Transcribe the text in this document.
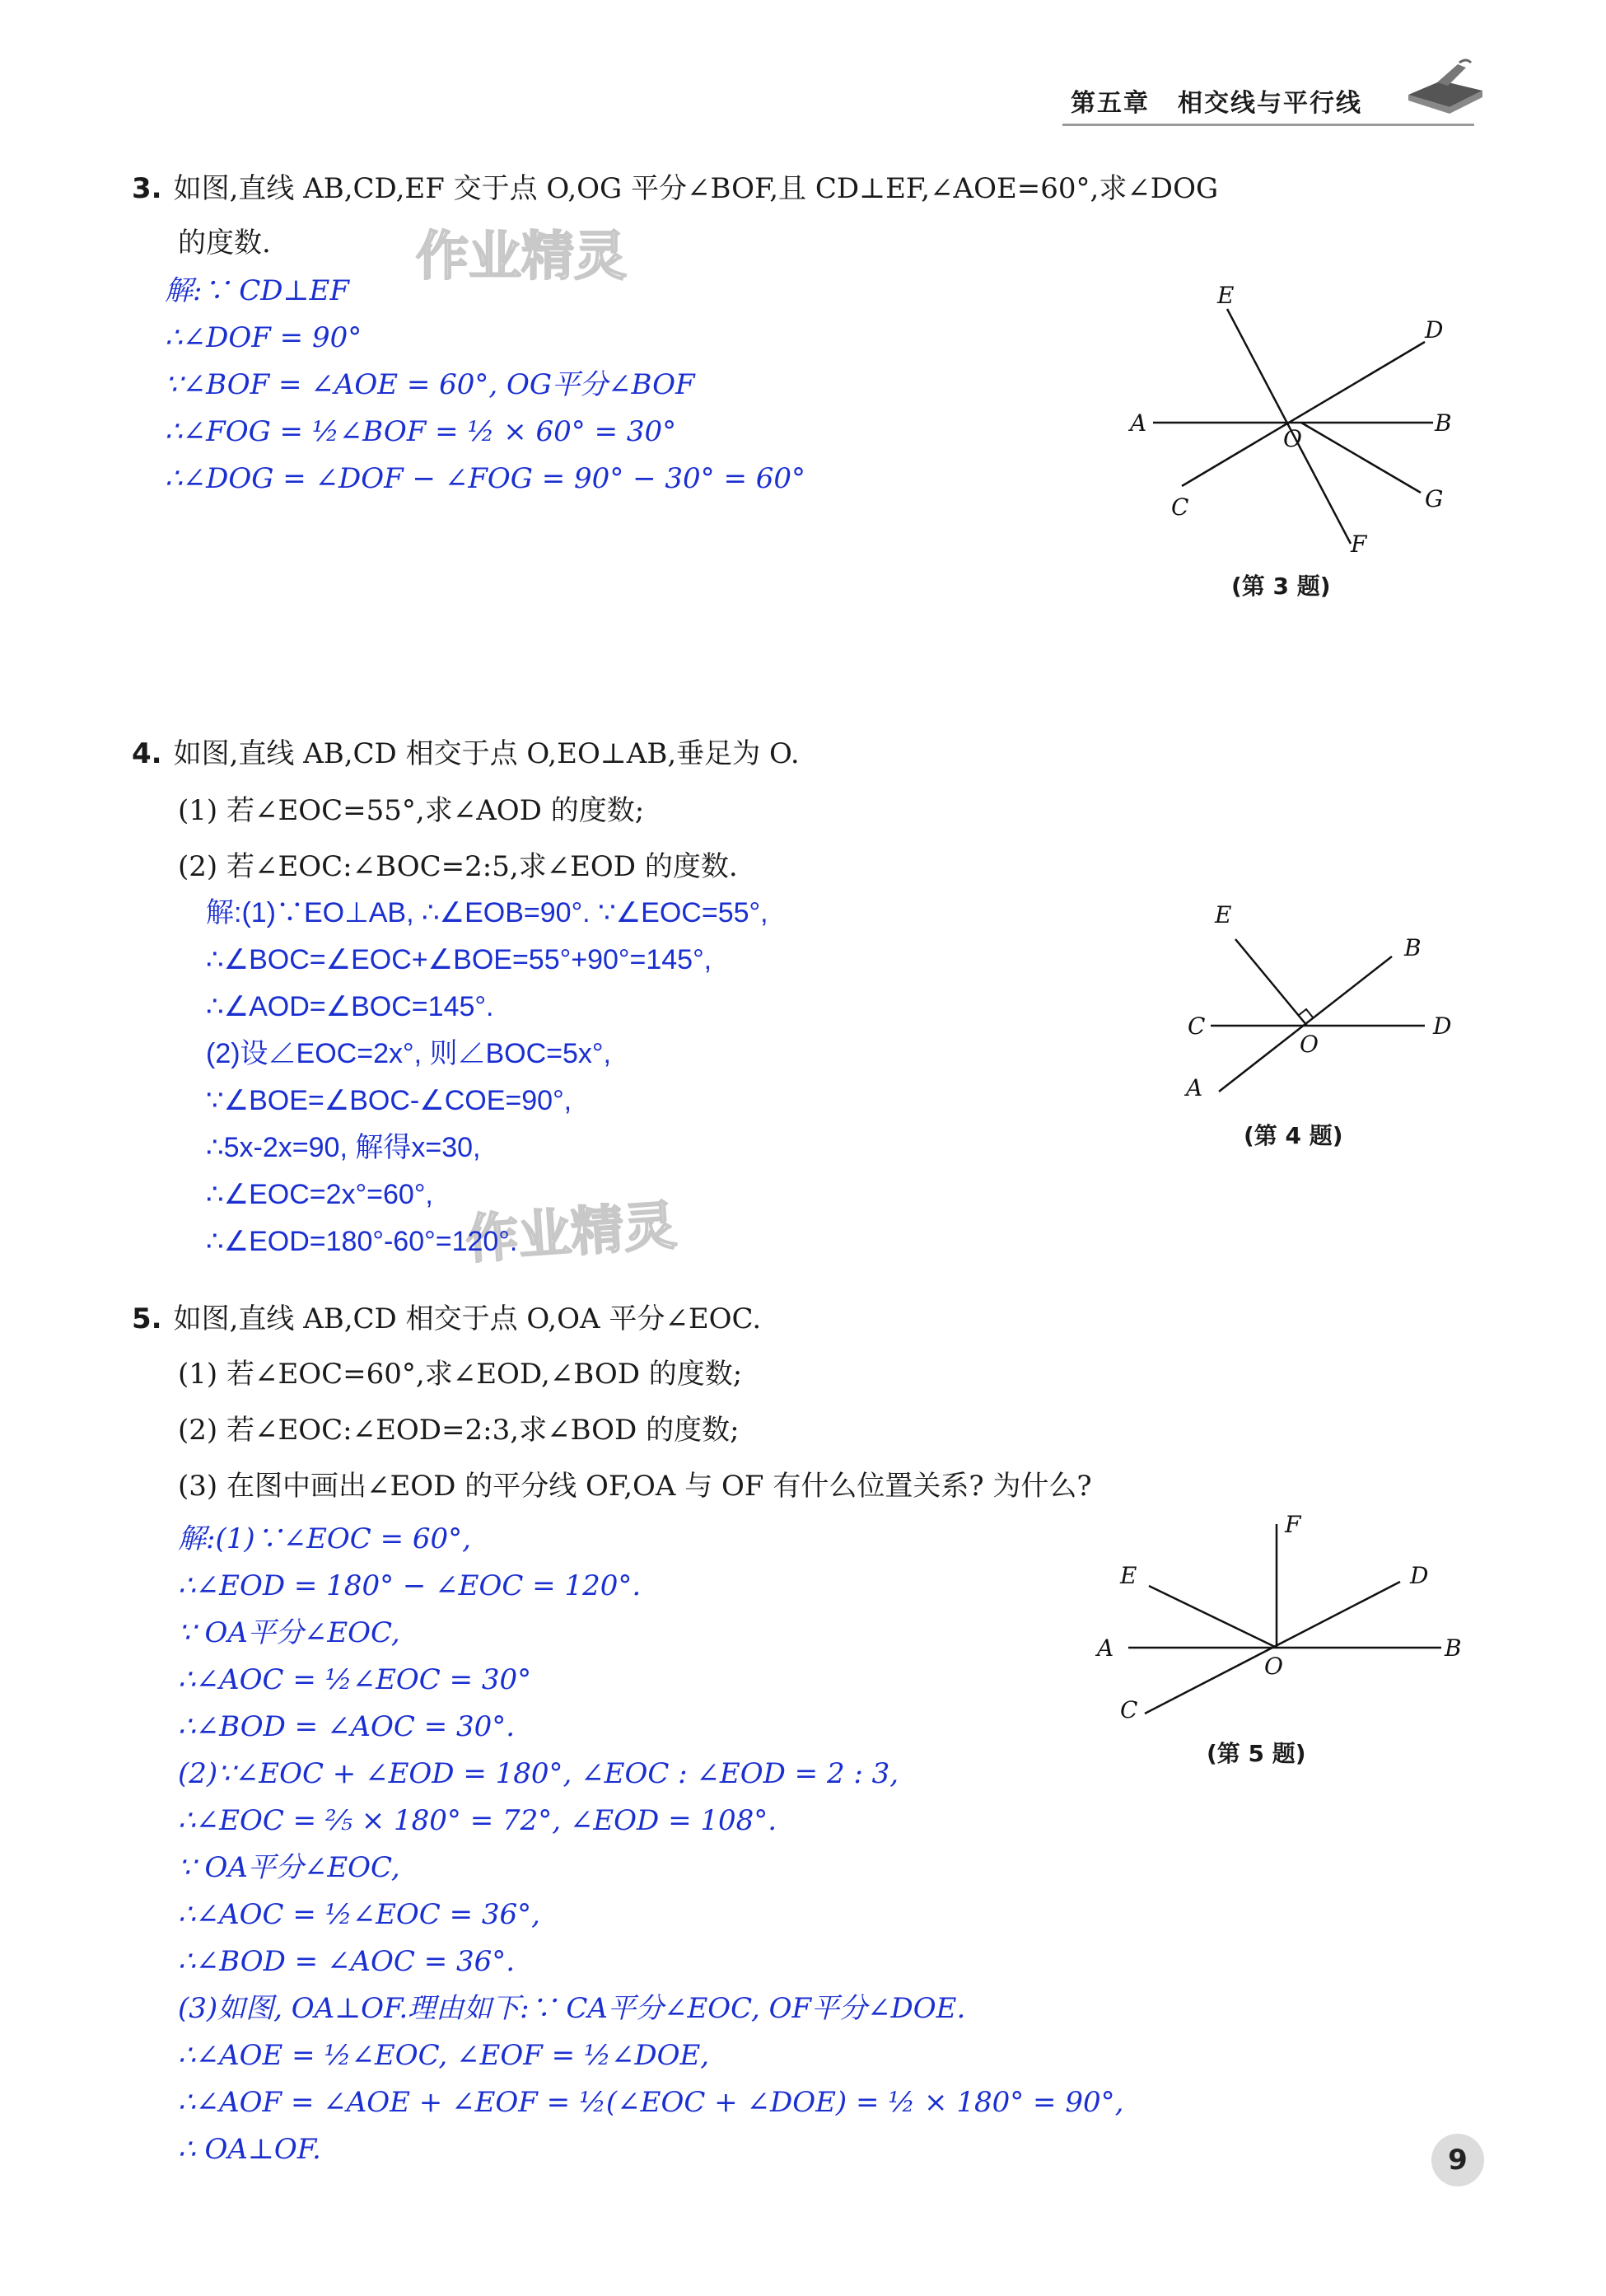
第五章 相交线与平行线
作业精灵
作业精灵
3. 如图,直线 AB,CD,EF 交于点 O,OG 平分∠BOF,且 CD⊥EF,∠AOE=60°,求∠DOG
的度数.
解:∵ CD⊥EF
∴∠DOF = 90°
∵∠BOF = ∠AOE = 60°, OG平分∠BOF
∴∠FOG = ½∠BOF = ½ × 60° = 30°
∴∠DOG = ∠DOF − ∠FOG = 90° − 30° = 60°
E
D
A	B
O
C	G
F
(第 3 题)
4. 如图,直线 AB,CD 相交于点 O,EO⊥AB,垂足为 O.
(1) 若∠EOC=55°,求∠AOD 的度数;
(2) 若∠EOC:∠BOC=2:5,求∠EOD 的度数.
解:(1)∵EO⊥AB, ∴∠EOB=90°. ∵∠EOC=55°,
∴∠BOC=∠EOC+∠BOE=55°+90°=145°,
∴∠AOD=∠BOC=145°.
(2)设∠EOC=2x°, 则∠BOC=5x°,
∵∠BOE=∠BOC-∠COE=90°,
∴5x-2x=90, 解得x=30,
∴∠EOC=2x°=60°,
∴∠EOD=180°-60°=120°.
E
B
C
O
D
A
(第 4 题)
5. 如图,直线 AB,CD 相交于点 O,OA 平分∠EOC.
(1) 若∠EOC=60°,求∠EOD,∠BOD 的度数;
(2) 若∠EOC:∠EOD=2:3,求∠BOD 的度数;
(3) 在图中画出∠EOD 的平分线 OF,OA 与 OF 有什么位置关系? 为什么?
解:(1)∵∠EOC = 60°,
∴∠EOD = 180° − ∠EOC = 120°.
∵ OA平分∠EOC,
∴∠AOC = ½∠EOC = 30°
∴∠BOD = ∠AOC = 30°.
(2)∵∠EOC + ∠EOD = 180°, ∠EOC : ∠EOD = 2 : 3,
∴∠EOC = ⅖ × 180° = 72°, ∠EOD = 108°.
∵ OA平分∠EOC,
∴∠AOC = ½∠EOC = 36°,
∴∠BOD = ∠AOC = 36°.
(3)如图, OA⊥OF.理由如下:∵ CA平分∠EOC, OF平分∠DOE.
∴∠AOE = ½∠EOC, ∠EOF = ½∠DOE,
∴∠AOF = ∠AOE + ∠EOF = ½(∠EOC + ∠DOE) = ½ × 180° = 90°,
∴ OA⊥OF.
F
E	D
A
O
B
C
(第 5 题)
9
